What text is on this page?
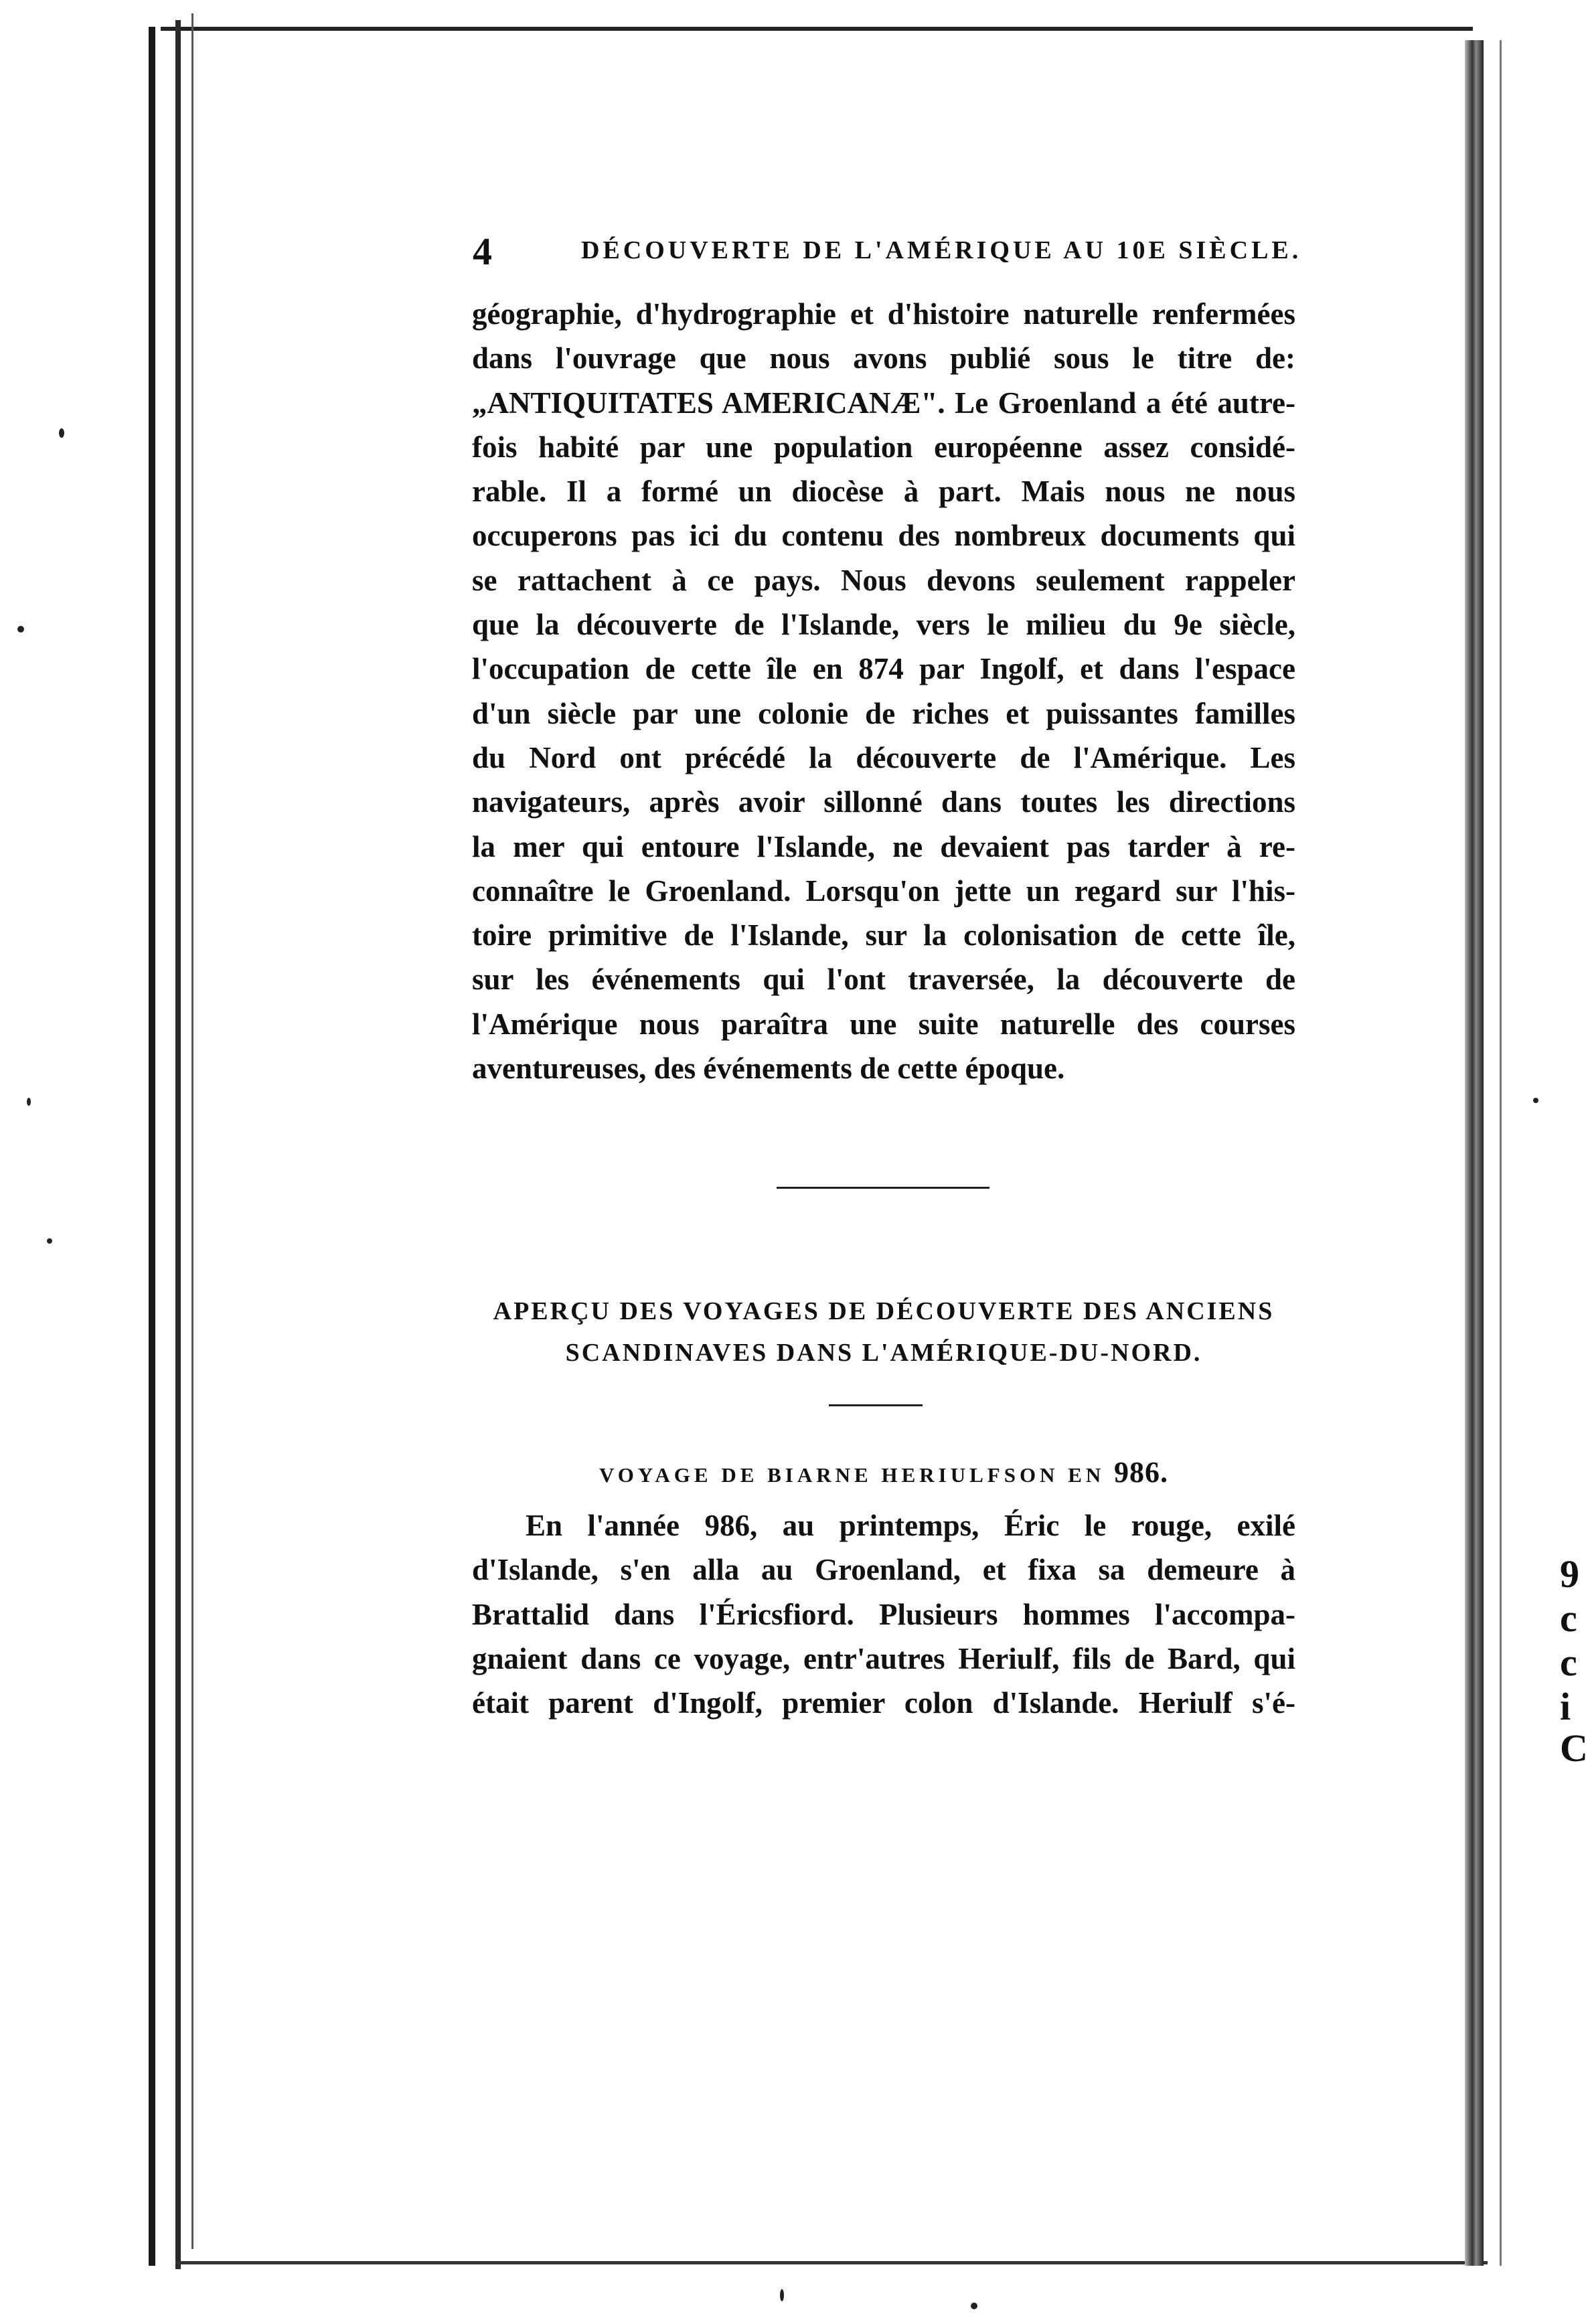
9
c
c
i
C
4	DÉCOUVERTE DE L'AMÉRIQUE AU 10E SIÈCLE.
géographie, d'hydrographie et d'histoire naturelle renfermées
dans l'ouvrage que nous avons publié sous le titre de:
„ANTIQUITATES AMERICANÆ". Le Groenland a été autre-
fois habité par une population européenne assez considé-
rable. Il a formé un diocèse à part. Mais nous ne nous
occuperons pas ici du contenu des nombreux documents qui
se rattachent à ce pays. Nous devons seulement rappeler
que la découverte de l'Islande, vers le milieu du 9e siècle,
l'occupation de cette île en 874 par Ingolf, et dans l'espace
d'un siècle par une colonie de riches et puissantes familles
du Nord ont précédé la découverte de l'Amérique. Les
navigateurs, après avoir sillonné dans toutes les directions
la mer qui entoure l'Islande, ne devaient pas tarder à re-
connaître le Groenland. Lorsqu'on jette un regard sur l'his-
toire primitive de l'Islande, sur la colonisation de cette île,
sur les événements qui l'ont traversée, la découverte de
l'Amérique nous paraîtra une suite naturelle des courses
aventureuses, des événements de cette époque.
APERÇU DES VOYAGES DE DÉCOUVERTE DES ANCIENS
SCANDINAVES DANS L'AMÉRIQUE-DU-NORD.
VOYAGE DE BIARNE HERIULFSON EN 986.
En l'année 986, au printemps, Éric le rouge, exilé
d'Islande, s'en alla au Groenland, et fixa sa demeure à
Brattalid dans l'Éricsfiord. Plusieurs hommes l'accompa-
gnaient dans ce voyage, entr'autres Heriulf, fils de Bard, qui
était parent d'Ingolf, premier colon d'Islande. Heriulf s'é-
